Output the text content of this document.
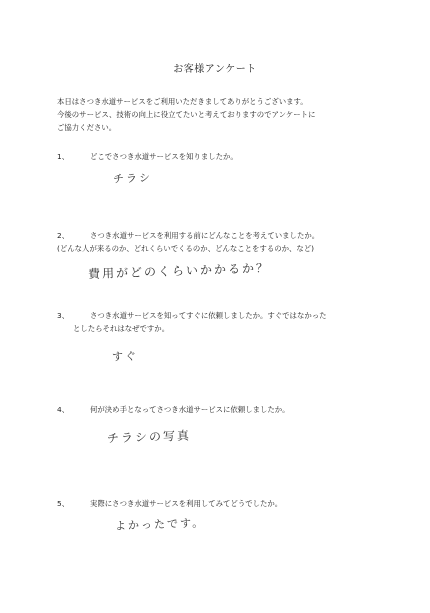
お客様アンケート
本日はさつき水道サービスをご利用いただきましてありがとうございます。
今後のサービス、技術の向上に役立てたいと考えておりますのでアンケートに
ご協力ください。
1、	どこでさつき水道サービスを知りましたか。
チラシ
2、	さつき水道サービスを利用する前にどんなことを考えていましたか。
(どんな人が来るのか、どれくらいでくるのか、どんなことをするのか、など)
費用がどのくらいかかるか？
3、	さつき水道サービスを知ってすぐに依頼しましたか。すぐではなかった
としたらそれはなぜですか。
すぐ
4、	何が決め手となってさつき水道サービスに依頼しましたか。
チラシの写真
5、	実際にさつき水道サービスを利用してみてどうでしたか。
よかったです。
